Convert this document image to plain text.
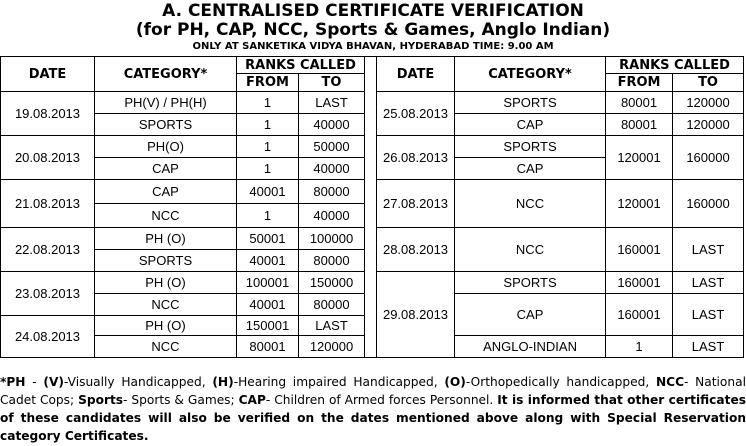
A. CENTRALISED CERTIFICATE VERIFICATION
(for PH, CAP, NCC, Sports & Games, Anglo Indian)
ONLY AT SANKETIKA VIDYA BHAVAN, HYDERABAD TIME: 9.00 AM
DATE	CATEGORY*	RANKS CALLED			DATE	CATEGORY*	RANKS CALLED	
		FROM	TO				FROM	TO
19.08.2013	PH(V) / PH(H)	1	LAST		25.08.2013	SPORTS	80001	120000
	SPORTS	1	40000			CAP	80001	120000
20.08.2013	PH(O)	1	50000		26.08.2013	SPORTS	120001	160000
	CAP	1	40000			CAP		
21.08.2013	CAP	40001	80000		27.08.2013	NCC	120001	160000
	NCC	1	40000					
22.08.2013	PH (O)	50001	100000		28.08.2013	NCC	160001	LAST
	SPORTS	40001	80000					
23.08.2013	PH (O)	100001	150000		29.08.2013	SPORTS	160001	LAST
	NCC	40001	80000			CAP	160001	LAST
24.08.2013	PH (O)	150001	LAST					
	NCC	80001	120000			ANGLO-INDIAN	1	LAST
*PH - (V)-Visually Handicapped, (H)-Hearing impaired Handicapped, (O)-Orthopedically handicapped, NCC- National Cadet Cops; Sports- Sports & Games; CAP- Children of Armed forces Personnel. It is informed that other certificates of these candidates will also be verified on the dates mentioned above along with Special Reservation category Certificates.
